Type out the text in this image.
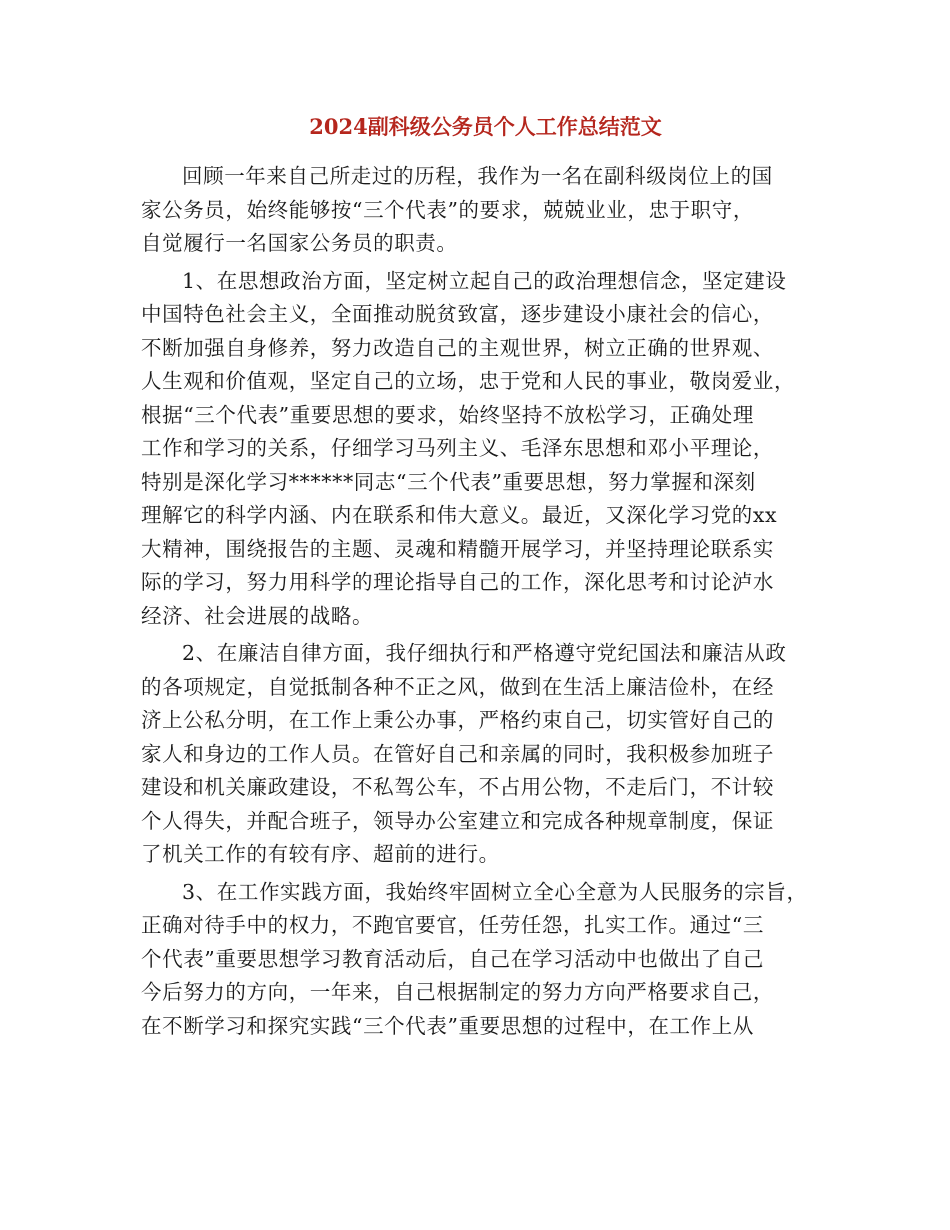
2024副科级公务员个人工作总结范文

回顾一年来自己所走过的历程，我作为一名在副科级岗位上的国
家公务员，始终能够按“三个代表”的要求，兢兢业业，忠于职守，
自觉履行一名国家公务员的职责。

1、在思想政治方面，坚定树立起自己的政治理想信念，坚定建设
中国特色社会主义，全面推动脱贫致富，逐步建设小康社会的信心，
不断加强自身修养，努力改造自己的主观世界，树立正确的世界观、
人生观和价值观，坚定自己的立场，忠于党和人民的事业，敬岗爱业，
根据“三个代表”重要思想的要求，始终坚持不放松学习，正确处理
工作和学习的关系，仔细学习马列主义、毛泽东思想和邓小平理论，
特别是深化学习******同志“三个代表”重要思想，努力掌握和深刻
理解它的科学内涵、内在联系和伟大意义。最近，又深化学习党的xx
大精神，围绕报告的主题、灵魂和精髓开展学习，并坚持理论联系实
际的学习，努力用科学的理论指导自己的工作，深化思考和讨论泸水
经济、社会进展的战略。

2、在廉洁自律方面，我仔细执行和严格遵守党纪国法和廉洁从政
的各项规定，自觉抵制各种不正之风，做到在生活上廉洁俭朴，在经
济上公私分明，在工作上秉公办事，严格约束自己，切实管好自己的
家人和身边的工作人员。在管好自己和亲属的同时，我积极参加班子
建设和机关廉政建设，不私驾公车，不占用公物，不走后门，不计较
个人得失，并配合班子，领导办公室建立和完成各种规章制度，保证
了机关工作的有较有序、超前的进行。

3、在工作实践方面，我始终牢固树立全心全意为人民服务的宗旨，
正确对待手中的权力，不跑官要官，任劳任怨，扎实工作。通过“三
个代表”重要思想学习教育活动后，自己在学习活动中也做出了自己
今后努力的方向，一年来，自己根据制定的努力方向严格要求自己，
在不断学习和探究实践“三个代表”重要思想的过程中，在工作上从
